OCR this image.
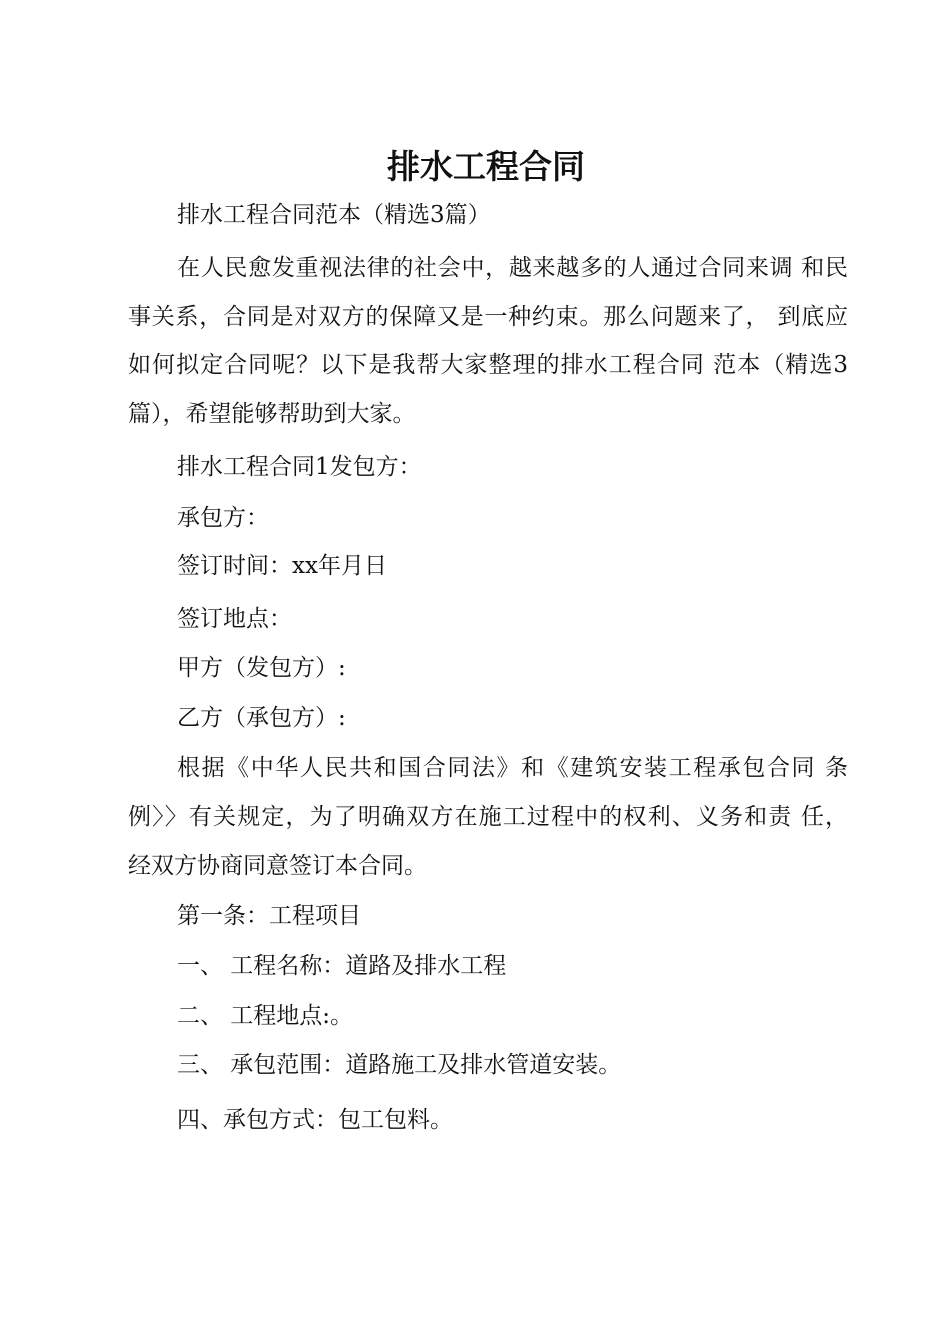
排水工程合同

排水工程合同范本（精选3篇）

在人民愈发重视法律的社会中，越来越多的人通过合同来调 和民

事关系，合同是对双方的保障又是一种约束。那么问题来了， 到底应

如何拟定合同呢？以下是我帮大家整理的排水工程合同 范本（精选3

篇），希望能够帮助到大家。

排水工程合同1发包方：

承包方：

签订时间：xx年月日

签订地点：

甲方（发包方）:

乙方（承包方）:

根据《中华人民共和国合同法》和《建筑安装工程承包合同 条

例〉〉有关规定，为了明确双方在施工过程中的权利、义务和责 任，

经双方协商同意签订本合同。

第一条：工程项目

一、 工程名称：道路及排水工程

二、 工程地点:。

三、 承包范围：道路施工及排水管道安装。

四、承包方式：包工包料。
